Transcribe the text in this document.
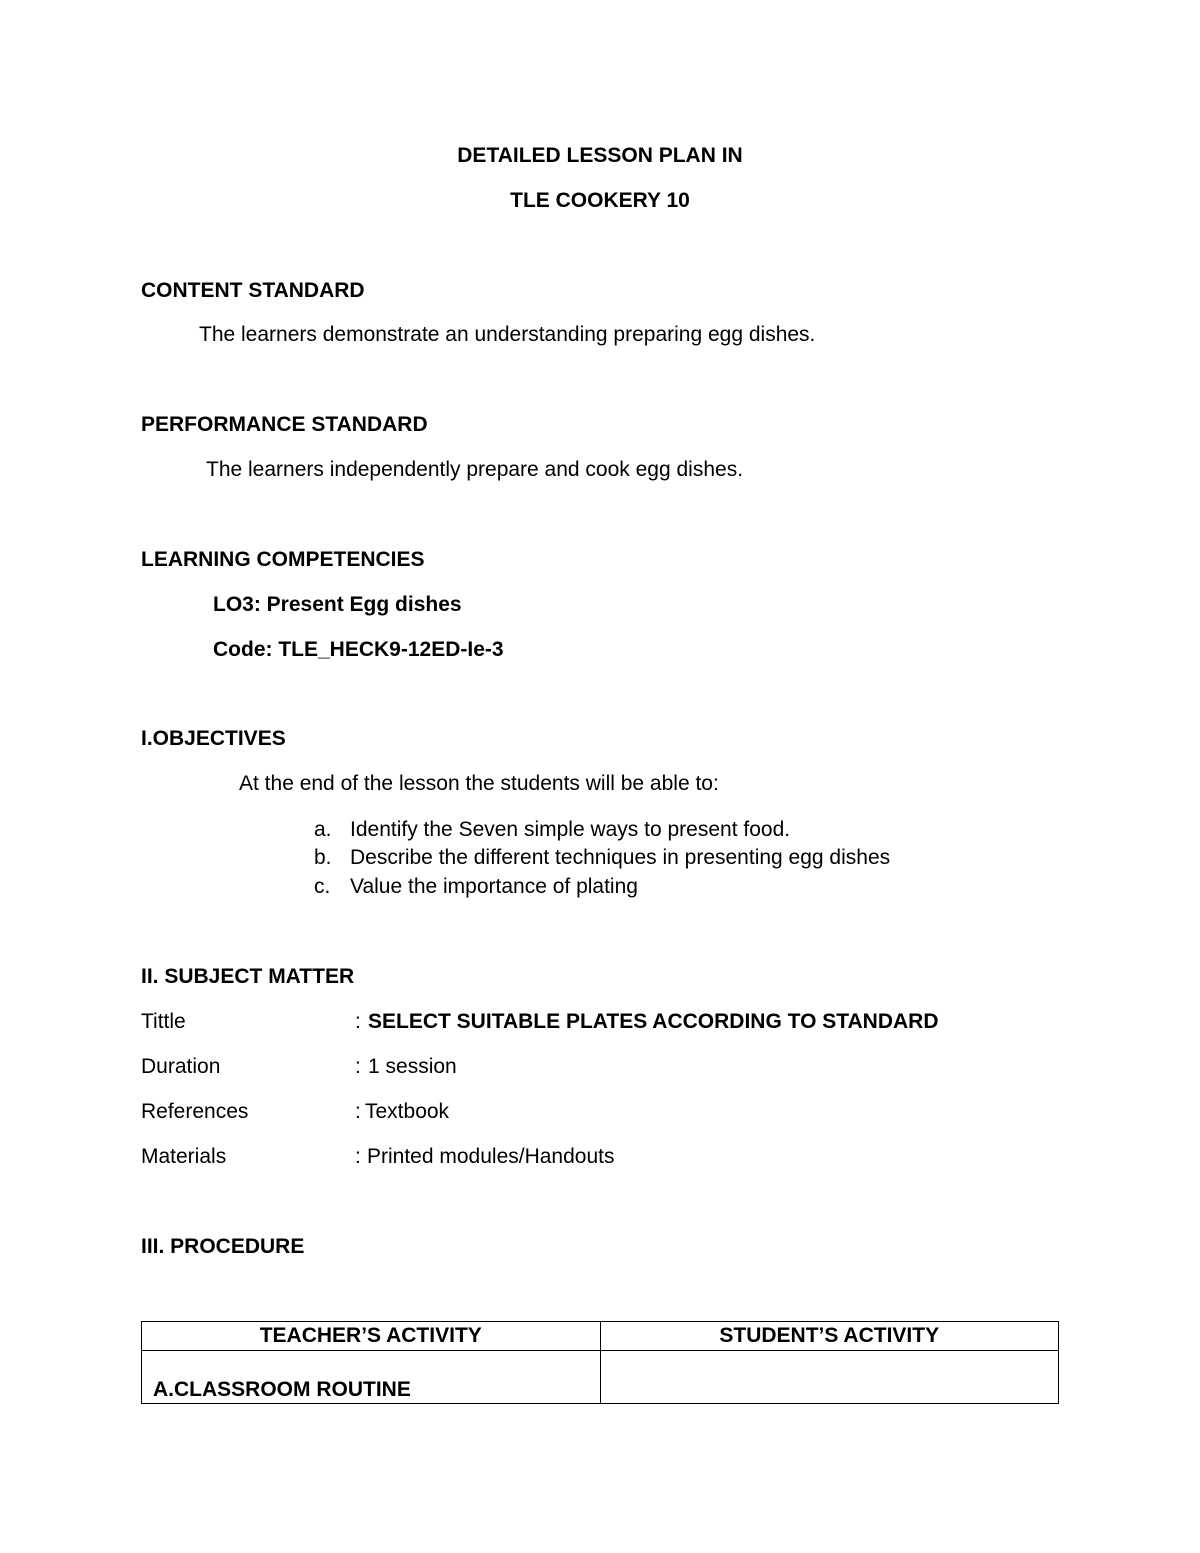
DETAILED LESSON PLAN IN
TLE COOKERY 10
CONTENT STANDARD
The learners demonstrate an understanding preparing egg dishes.
PERFORMANCE STANDARD
The learners independently prepare and cook egg dishes.
LEARNING COMPETENCIES
LO3: Present Egg dishes
Code: TLE_HECK9-12ED-Ie-3
I.OBJECTIVES
At the end of the lesson the students will be able to:
a. Identify the Seven simple ways to present food.
b. Describe the different techniques in presenting egg dishes
c. Value the importance of plating
II. SUBJECT MATTER
Tittle	: SELECT SUITABLE PLATES ACCORDING TO STANDARD
Duration	: 1 session
References	: Textbook
Materials	: Printed modules/Handouts
III. PROCEDURE
TEACHER’S ACTIVITY	STUDENT’S ACTIVITY

A.CLASSROOM ROUTINE	
